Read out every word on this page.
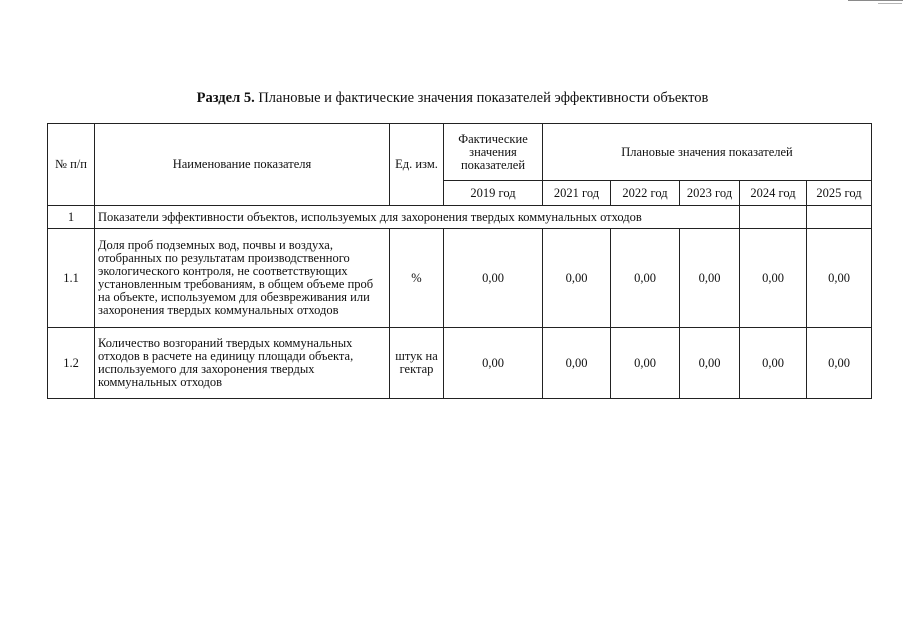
Раздел 5. Плановые и фактические значения показателей эффективности объектов
№ п/п	Наименование показателя	Ед. изм.	Фактические значения показателей	Плановые значения показателей				
			2019 год	2021 год	2022 год	2023 год	2024 год	2025 год
1	Показатели эффективности объектов, используемых для захоронения твердых коммунальных отходов							
1.1	Доля проб подземных вод, почвы и воздуха, отобранных по результатам производственного экологического контроля, не соответствующих установленным требованиям, в общем объеме проб на объекте, используемом для обезвреживания или захоронения твердых коммунальных отходов	%	0,00	0,00	0,00	0,00	0,00	0,00
1.2	Количество возгораний твердых коммунальных отходов в расчете на единицу площади объекта, используемого для захоронения твердых коммунальных отходов	штук на гектар	0,00	0,00	0,00	0,00	0,00	0,00
